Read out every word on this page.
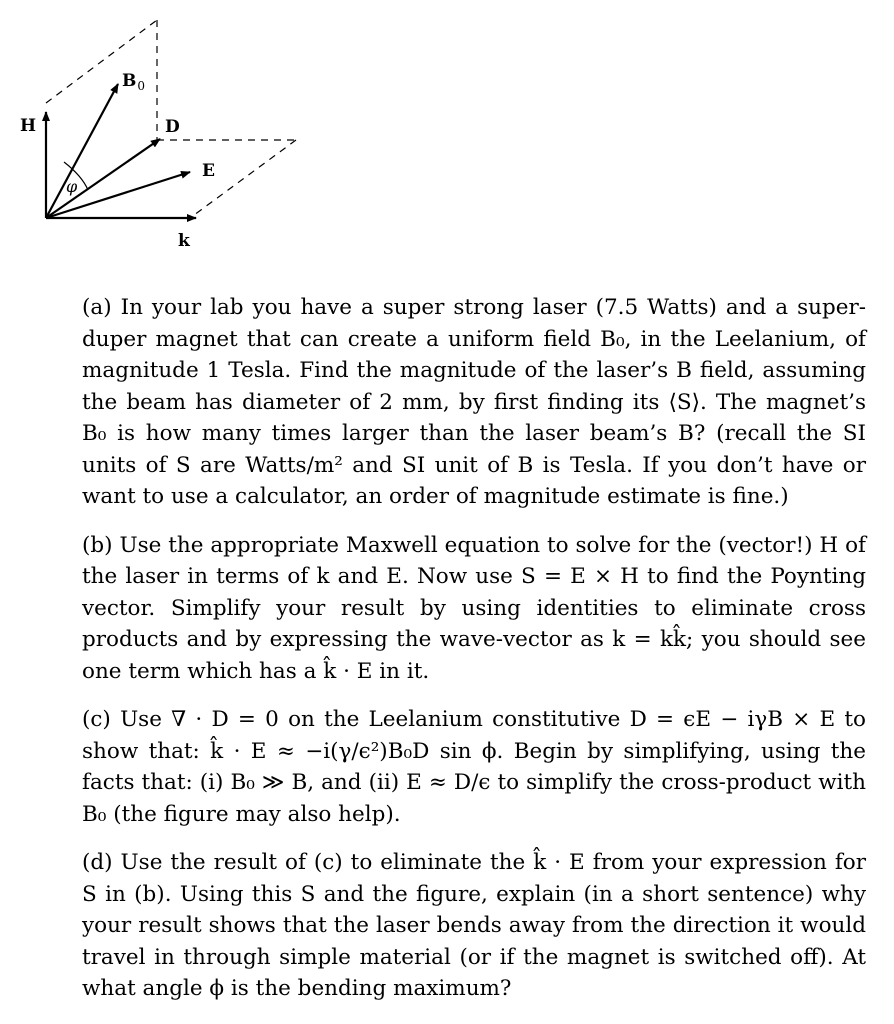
H
$B_0$
D
E
k
φ

(a) In your lab you have a super strong laser (7.5 Watts) and a super-duper magnet that can create a uniform field B₀, in the Leelanium, of magnitude 1 Tesla. Find the magnitude of the laser’s B field, assuming the beam has diameter of 2 mm, by first finding its ⟨S⟩. The magnet’s B₀ is how many times larger than the laser beam’s B? (recall the SI units of S are Watts/m² and SI unit of B is Tesla. If you don’t have or want to use a calculator, an order of magnitude estimate is fine.)

(b) Use the appropriate Maxwell equation to solve for the (vector!) H of the laser in terms of k and E. Now use S = E × H to find the Poynting vector. Simplify your result by using identities to eliminate cross products and by expressing the wave-vector as k = kk̂; you should see one term which has a k̂ · E in it.

(c) Use ∇ · D = 0 on the Leelanium constitutive D = ϵE − iγB × E to show that: k̂ · E ≈ −i(γ/ϵ²)B₀D sin ϕ. Begin by simplifying, using the facts that: (i) B₀ ≫ B, and (ii) E ≈ D/ϵ to simplify the cross-product with B₀ (the figure may also help).

(d) Use the result of (c) to eliminate the k̂ · E from your expression for S in (b). Using this S and the figure, explain (in a short sentence) why your result shows that the laser bends away from the direction it would travel in through simple material (or if the magnet is switched off). At what angle ϕ is the bending maximum?
